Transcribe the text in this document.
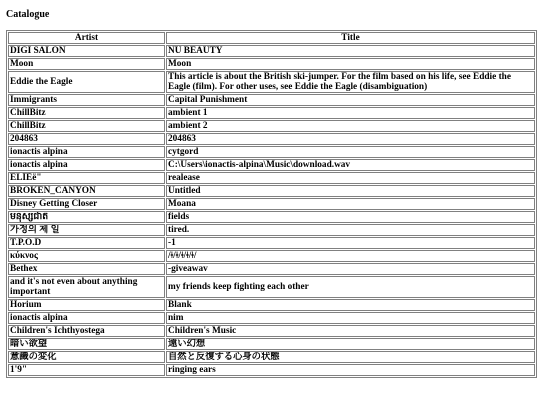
Catalogue
Artist	Title
DIGI SALON	NU BEAUTY
Moon	Moon
Eddie the Eagle	This article is about the British ski-jumper. For the film based on his life, see Eddie the Eagle (film). For other uses, see Eddie the Eagle (disambiguation)
Immigrants	Capital Punishment
ChillBitz	ambient 1
ChillBitz	ambient 2
204863	204863
ionactis alpina	cytgord
ionactis alpina	C:\Users\ionactis-alpina\Music\download.wav
ELĪÈë"	realease
BROKEN_CANYON	Untitled
Disney Getting Closer	Moana
មនុស្សជាតិ	fields
가정의 제 일	tired.
T.P.O.D	-1
κύκνος	/ǂ/ǂ/ǂ/ǂ/ǂ/
Bethex	-giveawav
and it's not even about anything important	my friends keep fighting each other
Horium	Blank
ionactis alpina	nim
Children's Ichthyostega	Children's Music
暗い欲望	遠い幻想
意識の変化	自然と反復する心身の状態
1'9"	ringing ears
